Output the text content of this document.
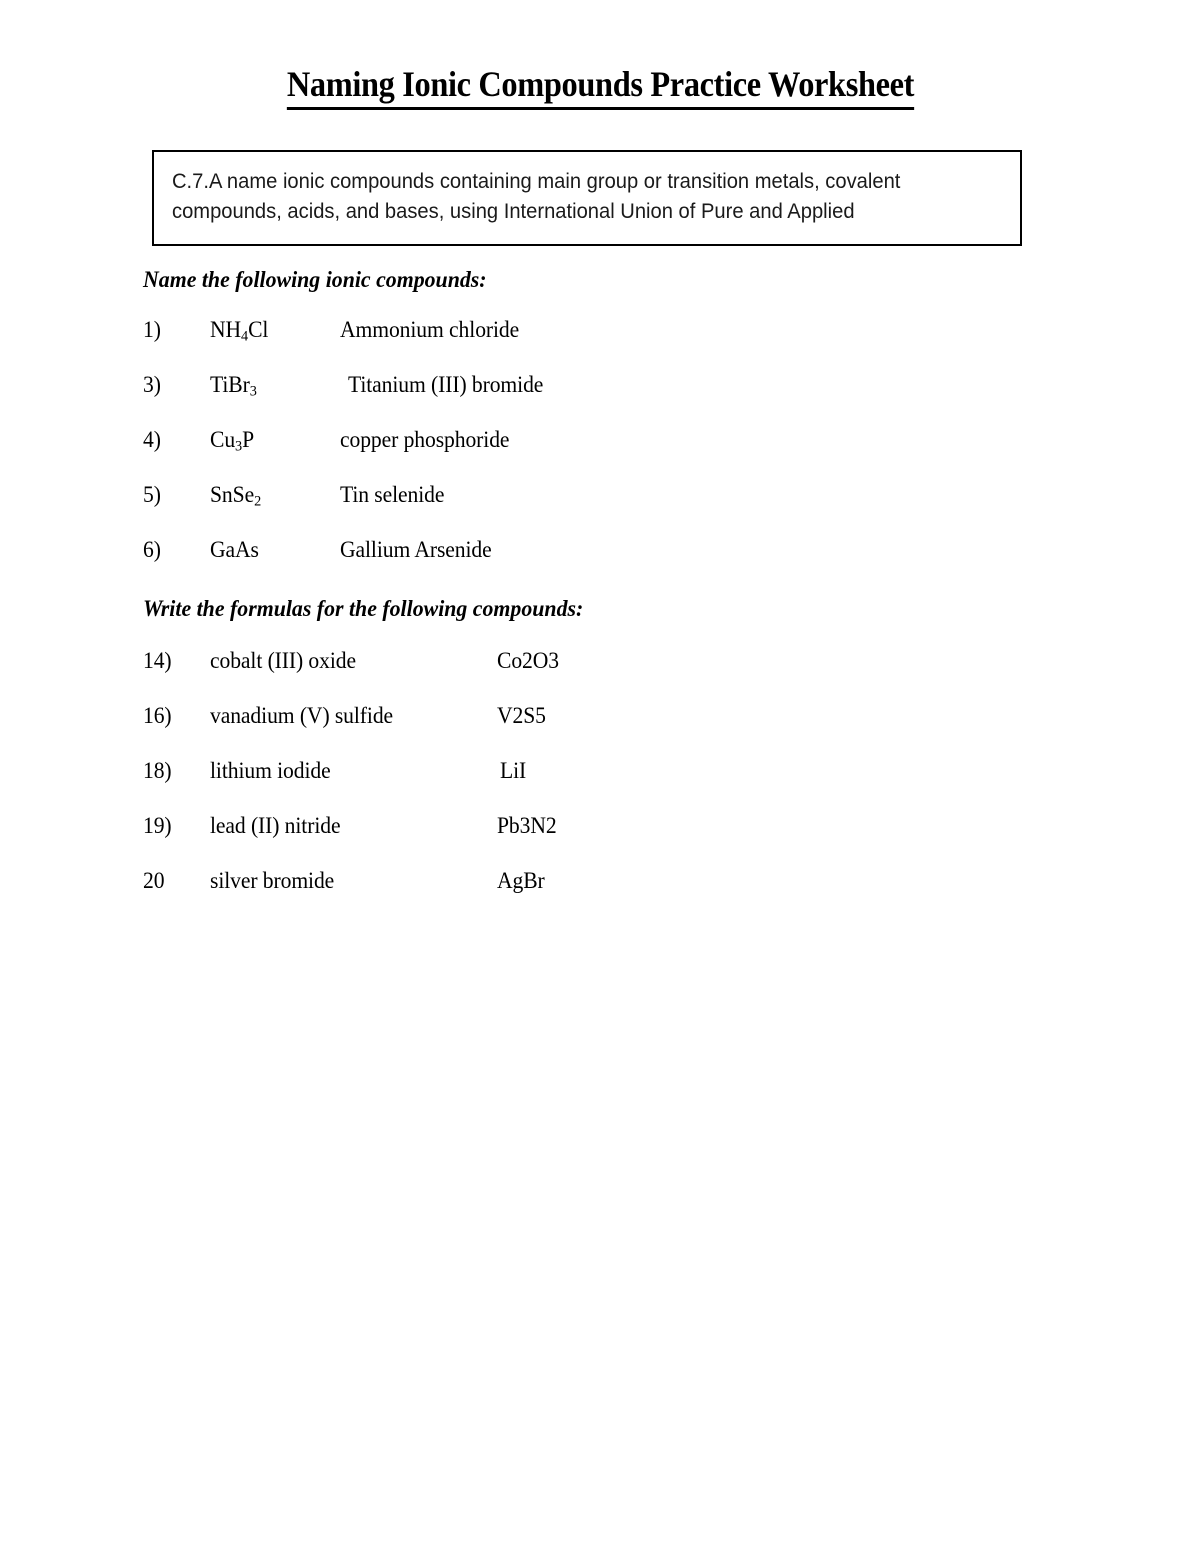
Naming Ionic Compounds Practice Worksheet
C.7.A name ionic compounds containing main group or transition metals, covalent compounds, acids, and bases, using International Union of Pure and Applied
Name the following ionic compounds:
1) $NH_4Cl$	Ammonium chloride
3) TiBr$_3$	Titanium (III) bromide
4) $Cu_3P$	copper phosphoride
5) SnSe$_2$	Tin selenide
6) GaAs	Gallium Arsenide
Write the formulas for the following compounds:
14) cobalt (III) oxide	Co2O3
16) vanadium (V) sulfide	V2S5
18) lithium iodide	LiI
19) lead (II) nitride	Pb3N2
20 silver bromide	AgBr
